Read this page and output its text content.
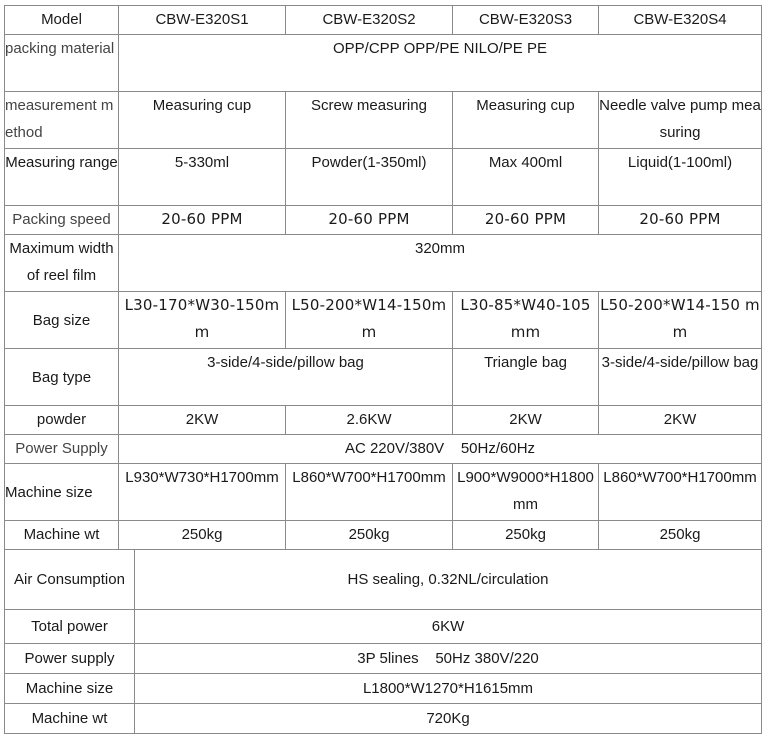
Model	CBW-E320S1	CBW-E320S2	CBW-E320S3	CBW-E320S4
packing material	OPP/CPP OPP/PE NILO/PE PE			
measurement method	Measuring cup	Screw measuring	Measuring cup	Needle valve pump measuring
Measuring range	5-330ml	Powder(1-350ml)	Max 400ml	Liquid(1-100ml)
Packing speed	20-60 PPM	20-60 PPM	20-60 PPM	20-60 PPM
Maximum width of reel film	320mm			
Bag size	L30-170*W30-150mm	L50-200*W14-150mm	L30-85*W40-105 mm	L50-200*W14-150 mm
Bag type	3-side/4-side/pillow bag		Triangle bag	3-side/4-side/pillow bag
powder	2KW	2.6KW	2KW	2KW
Power Supply	AC 220V/380V    50Hz/60Hz			
Machine size	L930*W730*H1700mm	L860*W700*H1700mm	L900*W9000*H1800 mm	L860*W700*H1700mm
Machine wt	250kg	250kg	250kg	250kg
Air Consumption	HS sealing, 0.32NL/circulation
Total power	6KW
Power supply	3P 5lines    50Hz 380V/220
Machine size	L1800*W1270*H1615mm
Machine wt	720Kg
